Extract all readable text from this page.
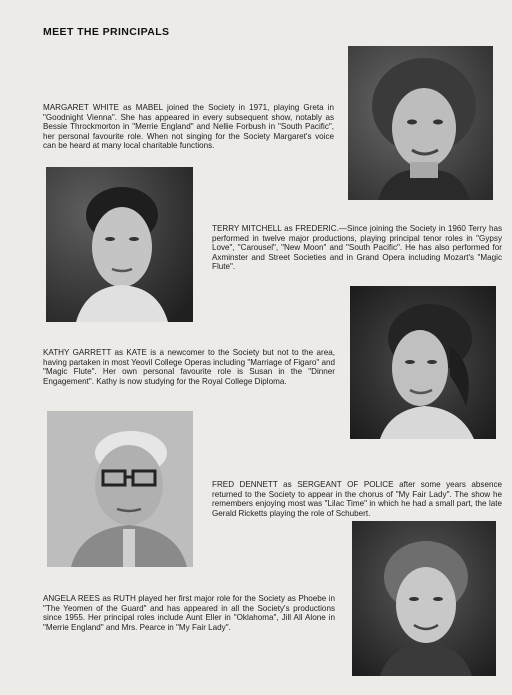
MEET THE PRINCIPALS

MARGARET WHITE as MABEL joined the Society in 1971, playing Greta in "Goodnight Vienna". She has appeared in every subsequent show, notably as Bessie Throckmorton in "Merrie England" and Nellie Forbush in "South Pacific", her personal favourite role. When not singing for the Society Margaret's voice can be heard at many local charitable functions.

TERRY MITCHELL as FREDERIC.—Since joining the Society in 1960 Terry has performed in twelve major productions, playing principal tenor roles in "Gypsy Love", "Carousel", "New Moon" and "South Pacific". He has also performed for Axminster and Street Societies and in Grand Opera including Mozart's "Magic Flute".

KATHY GARRETT as KATE is a newcomer to the Society but not to the area, having partaken in most Yeovil College Operas including "Marriage of Figaro" and "Magic Flute". Her own personal favourite role is Susan in the "Dinner Engagement". Kathy is now studying for the Royal College Diploma.

FRED DENNETT as SERGEANT OF POLICE after some years absence returned to the Society to appear in the chorus of "My Fair Lady". The show he remembers enjoying most was "Lilac Time" in which he had a small part, the late Gerald Ricketts playing the role of Schubert.

ANGELA REES as RUTH played her first major role for the Society as Phoebe in "The Yeomen of the Guard" and has appeared in all the Society's productions since 1955. Her principal roles include Aunt Eller in "Oklahoma", Jill All Alone in "Merrie England" and Mrs. Pearce in "My Fair Lady".
